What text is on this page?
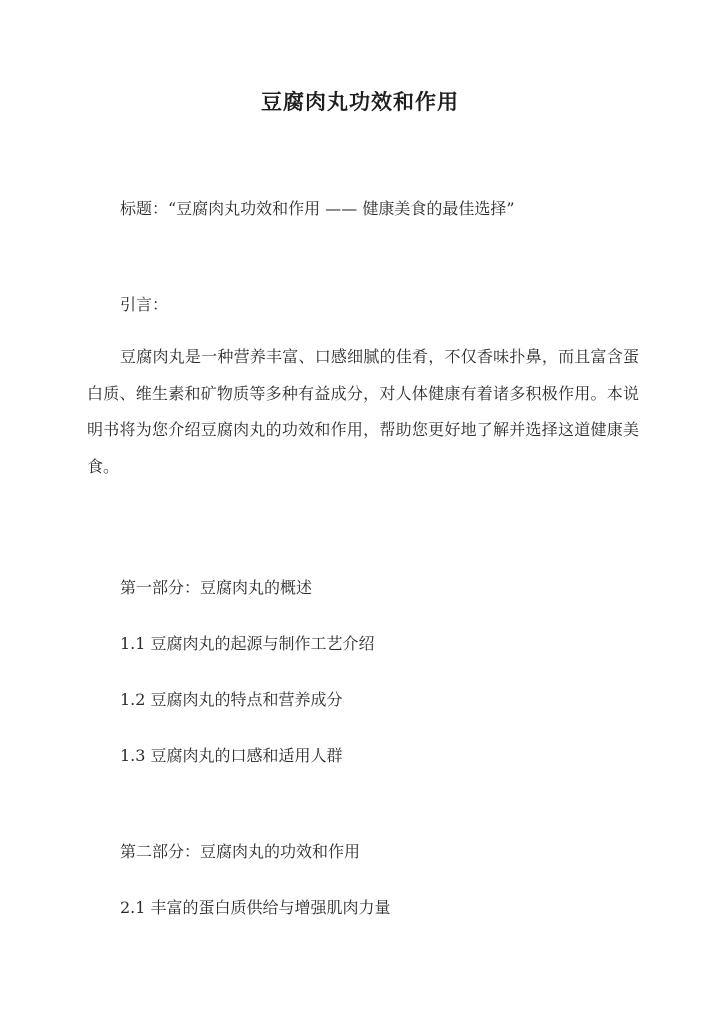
豆腐肉丸功效和作用

标题：“豆腐肉丸功效和作用 —— 健康美食的最佳选择”

引言：

豆腐肉丸是一种营养丰富、口感细腻的佳肴，不仅香味扑鼻，而且富含蛋白质、维生素和矿物质等多种有益成分，对人体健康有着诸多积极作用。本说明书将为您介绍豆腐肉丸的功效和作用，帮助您更好地了解并选择这道健康美食。

第一部分：豆腐肉丸的概述

1.1 豆腐肉丸的起源与制作工艺介绍

1.2 豆腐肉丸的特点和营养成分

1.3 豆腐肉丸的口感和适用人群

第二部分：豆腐肉丸的功效和作用

2.1 丰富的蛋白质供给与增强肌肉力量
